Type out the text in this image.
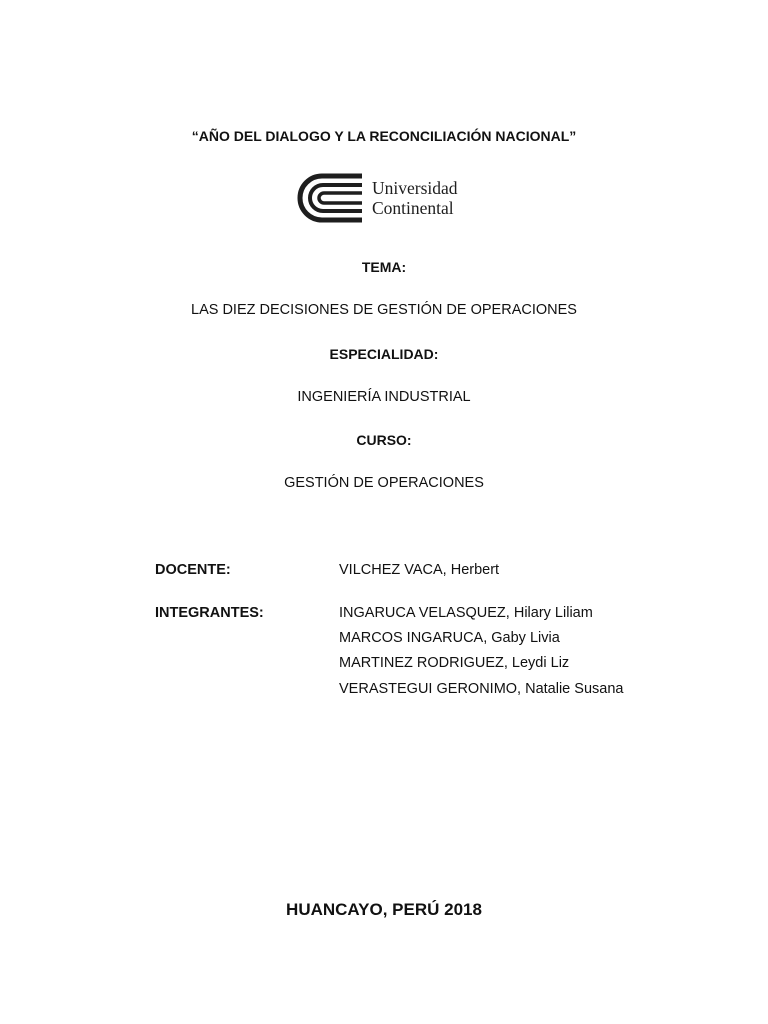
“AÑO DEL DIALOGO Y LA RECONCILIACIÓN NACIONAL”
Universidad
Continental
TEMA:
LAS DIEZ DECISIONES DE GESTIÓN DE OPERACIONES
ESPECIALIDAD:
INGENIERÍA INDUSTRIAL
CURSO:
GESTIÓN DE OPERACIONES
DOCENTE:	VILCHEZ VACA, Herbert
INTEGRANTES:	INGARUCA VELASQUEZ, Hilary Liliam
MARCOS INGARUCA, Gaby Livia
MARTINEZ RODRIGUEZ, Leydi Liz
VERASTEGUI GERONIMO, Natalie Susana
HUANCAYO, PERÚ 2018
